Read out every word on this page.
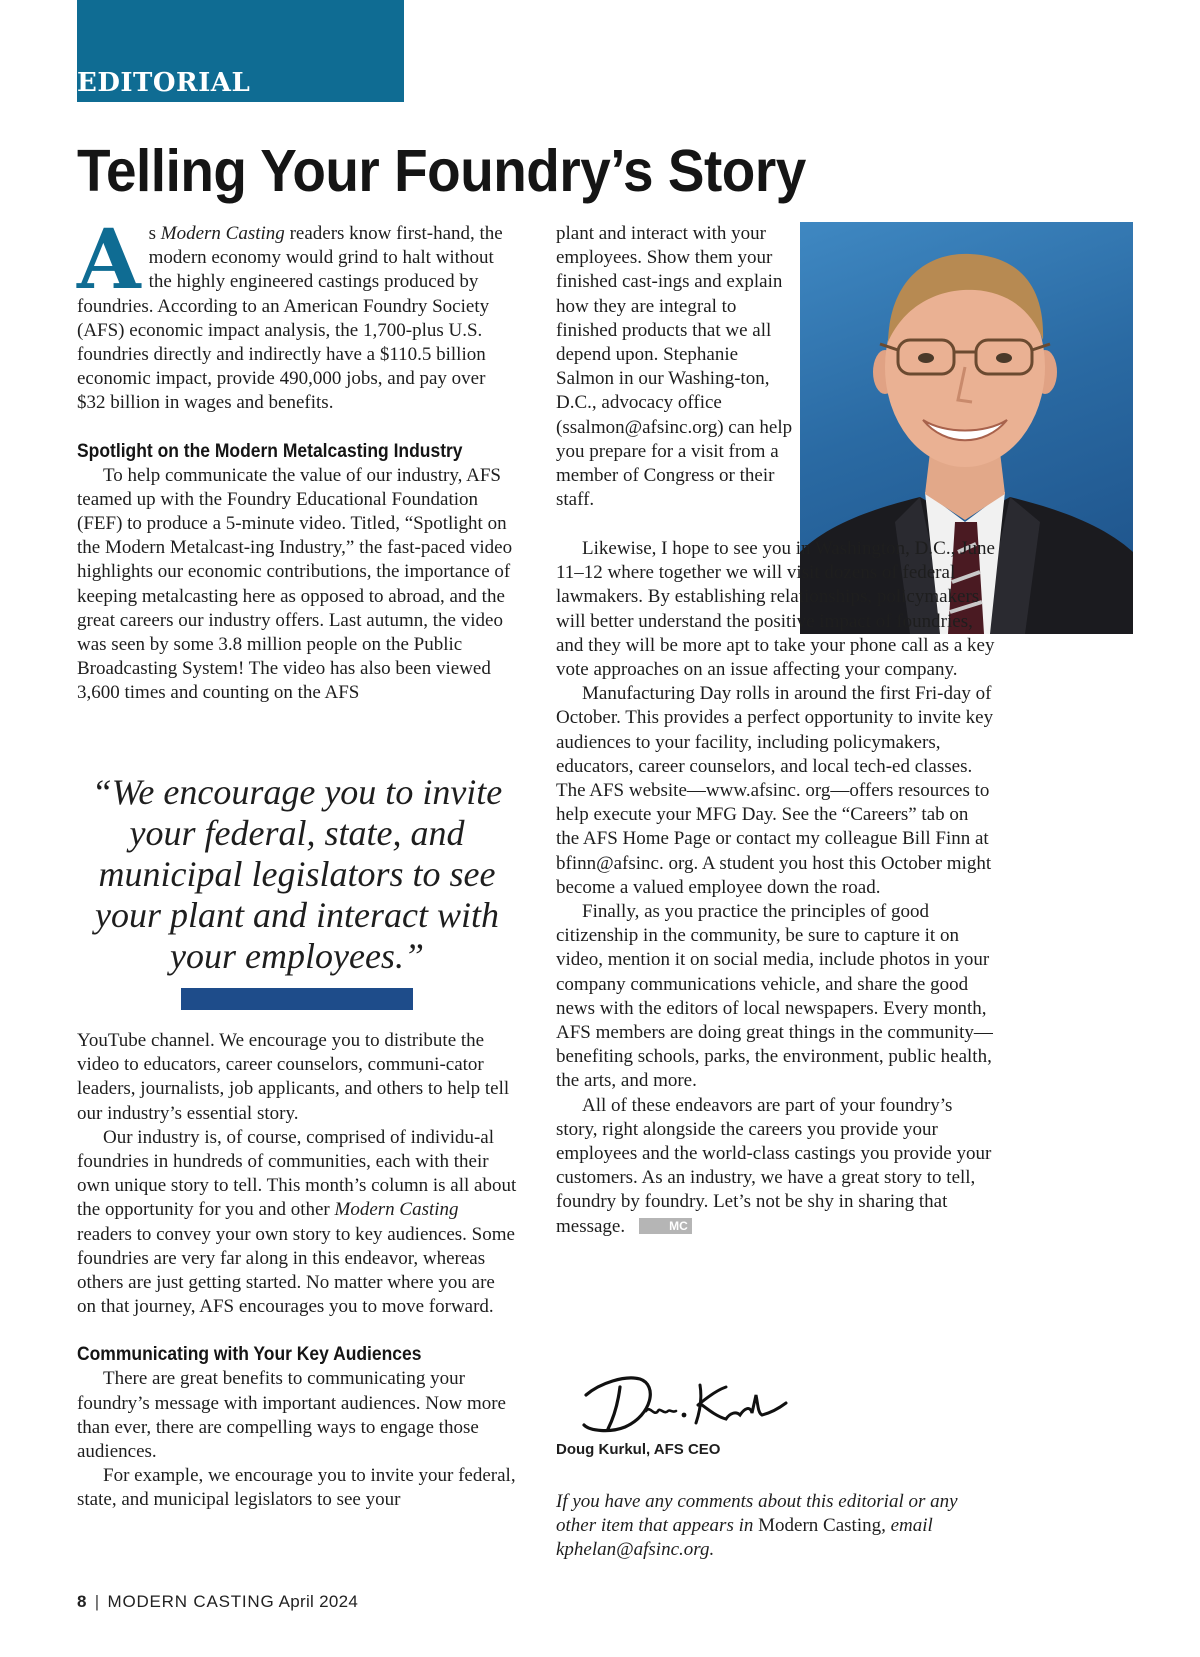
EDITORIAL
Telling Your Foundry’s Story

As Modern Casting readers know first-hand, the modern economy would grind to halt without the highly engineered castings produced by foundries. According to an American Foundry Society (AFS) economic impact analysis, the 1,700-plus U.S. foundries directly and indirectly have a $110.5 billion economic impact, provide 490,000 jobs, and pay over $32 billion in wages and benefits.

Spotlight on the Modern Metalcasting Industry

To help communicate the value of our industry, AFS teamed up with the Foundry Educational Foundation (FEF) to produce a 5-minute video. Titled, “Spotlight on the Modern Metalcast-ing Industry,” the fast-paced video highlights our economic contributions, the importance of keeping metalcasting here as opposed to abroad, and the great careers our industry offers. Last autumn, the video was seen by some 3.8 million people on the Public Broadcasting System! The video has also been viewed 3,600 times and counting on the AFS

“We encourage you to invite your federal, state, and municipal legislators to see your plant and interact with your employees.”

YouTube channel. We encourage you to distribute the video to educators, career counselors, communi-cator leaders, journalists, job applicants, and others to help tell our industry’s essential story.

Our industry is, of course, comprised of individu-al foundries in hundreds of communities, each with their own unique story to tell. This month’s column is all about the opportunity for you and other Modern Casting readers to convey your own story to key audiences. Some foundries are very far along in this endeavor, whereas others are just getting started. No matter where you are on that journey, AFS encourages you to move forward.

Communicating with Your Key Audiences

There are great benefits to communicating your foundry’s message with important audiences. Now more than ever, there are compelling ways to engage those audiences.

For example, we encourage you to invite your federal, state, and municipal legislators to see your

plant and interact with your employees. Show them your finished cast-ings and explain how they are integral to finished products that we all depend upon. Stephanie Salmon in our Washing-ton, D.C., advocacy office (ssalmon@afsinc.org) can help you prepare for a visit from a member of Congress or their staff.

Likewise, I hope to see you in Washington, D.C., June 11–12 where together we will visit dozens of federal lawmakers. By establishing relationships, policymakers will better understand the positive impact of foundries, and they will be more apt to take your phone call as a key vote approaches on an issue affecting your company.

Manufacturing Day rolls in around the first Fri-day of October. This provides a perfect opportunity to invite key audiences to your facility, including policymakers, educators, career counselors, and local tech-ed classes. The AFS website—www.afsinc. org—offers resources to help execute your MFG Day. See the “Careers” tab on the AFS Home Page or contact my colleague Bill Finn at bfinn@afsinc. org. A student you host this October might become a valued employee down the road.

Finally, as you practice the principles of good citizenship in the community, be sure to capture it on video, mention it on social media, include photos in your company communications vehicle, and share the good news with the editors of local newspapers. Every month, AFS members are doing great things in the community—benefiting schools, parks, the environment, public health, the arts, and more.

All of these endeavors are part of your foundry’s story, right alongside the careers you provide your employees and the world-class castings you provide your customers. As an industry, we have a great story to tell, foundry by foundry. Let’s not be shy in sharing that message.	MC

Doug Kurkul, AFS CEO
If you have any comments about this editorial or any other item that appears in Modern Casting, email kphelan@afsinc.org.
8 | MODERN CASTING April 2024
